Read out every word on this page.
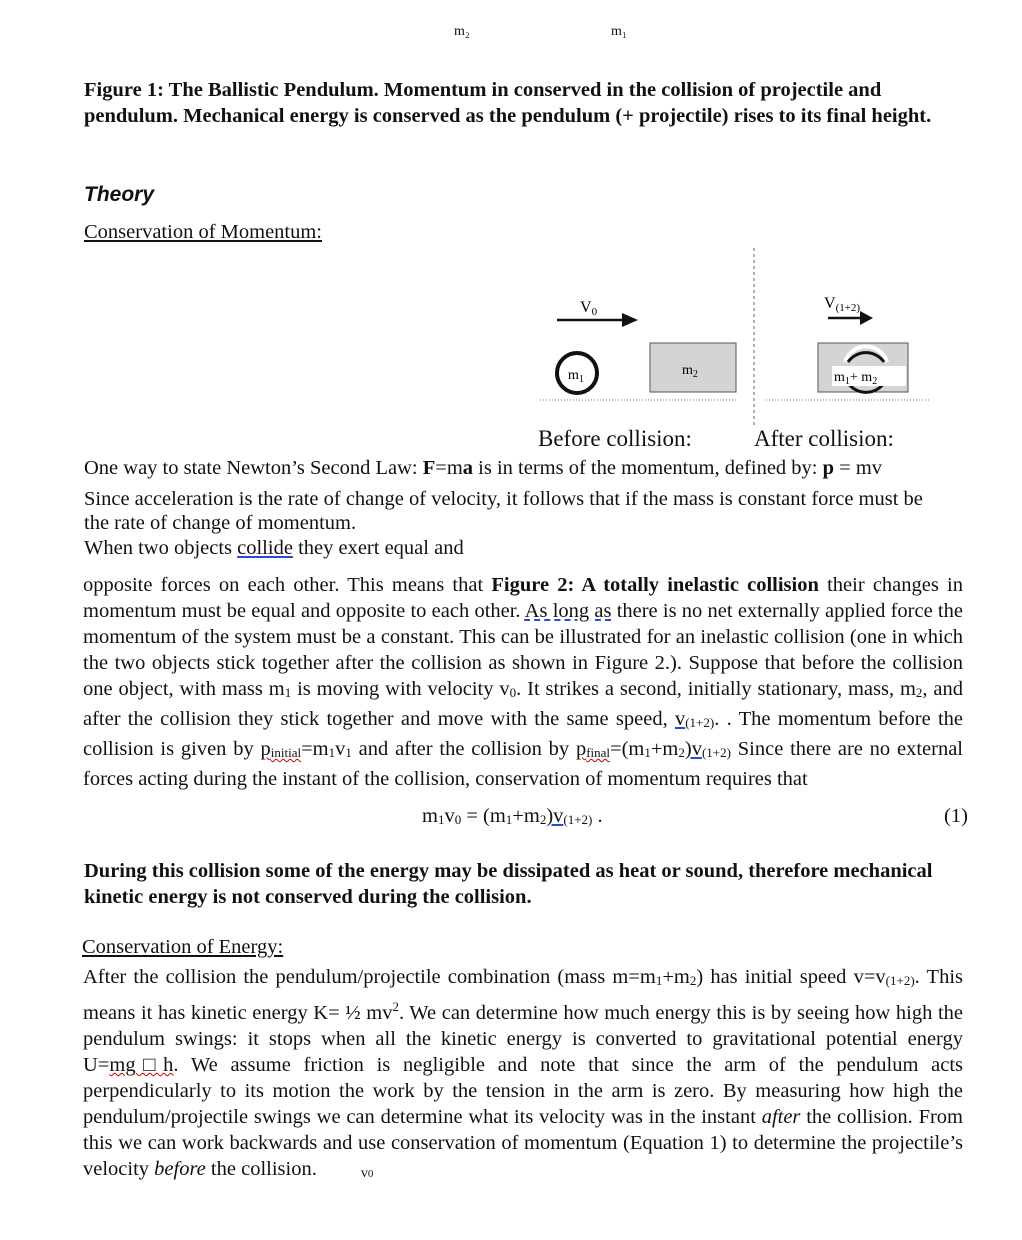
m₂	m₁
Figure 1: The Ballistic Pendulum. Momentum in conserved in the collision of projectile and pendulum. Mechanical energy is conserved as the pendulum (+ projectile) rises to its final height.
Theory
Conservation of Momentum:
V0
$m_1$
$m_2$
V(1+2)
$m_1+ m_2$
Before collision:	After collision:
One way to state Newton’s Second Law: F=ma is in terms of the momentum, defined by: p = mv
Since acceleration is the rate of change of velocity, it follows that if the mass is constant force must be the rate of change of momentum.
When two objects collide they exert equal and
opposite forces on each other. This means that Figure 2: A totally inelastic collision their changes in momentum must be equal and opposite to each other. As long as there is no net externally applied force the momentum of the system must be a constant. This can be illustrated for an inelastic collision (one in which the two objects stick together after the collision as shown in Figure 2.). Suppose that before the collision one object, with mass m1 is moving with velocity v0. It strikes a second, initially stationary, mass, m2, and after the collision they stick together and move with the same speed, v(1+2). . The momentum before the collision is given by pinitial=m1v1 and after the collision by pfinal=(m1+m2)v(1+2) Since there are no external forces acting during the instant of the collision, conservation of momentum requires that
m1v0 = (m1+m2)v(1+2) .	(1)
During this collision some of the energy may be dissipated as heat or sound, therefore mechanical kinetic energy is not conserved during the collision.
Conservation of Energy:
After the collision the pendulum/projectile combination (mass m=m1+m2) has initial speed v=v(1+2). This means it has kinetic energy K= ½ $mv^2$. We can determine how much energy this is by seeing how high the pendulum swings: it stops when all the kinetic energy is converted to gravitational potential energy U=mg□h. We assume friction is negligible and note that since the arm of the pendulum acts perpendicularly to its motion the work by the tension in the arm is zero. By measuring how high the pendulum/projectile swings we can determine what its velocity was in the instant after the collision. From this we can work backwards and use conservation of momentum (Equation 1) to determine the projectile’s velocity before the collision.	v0
